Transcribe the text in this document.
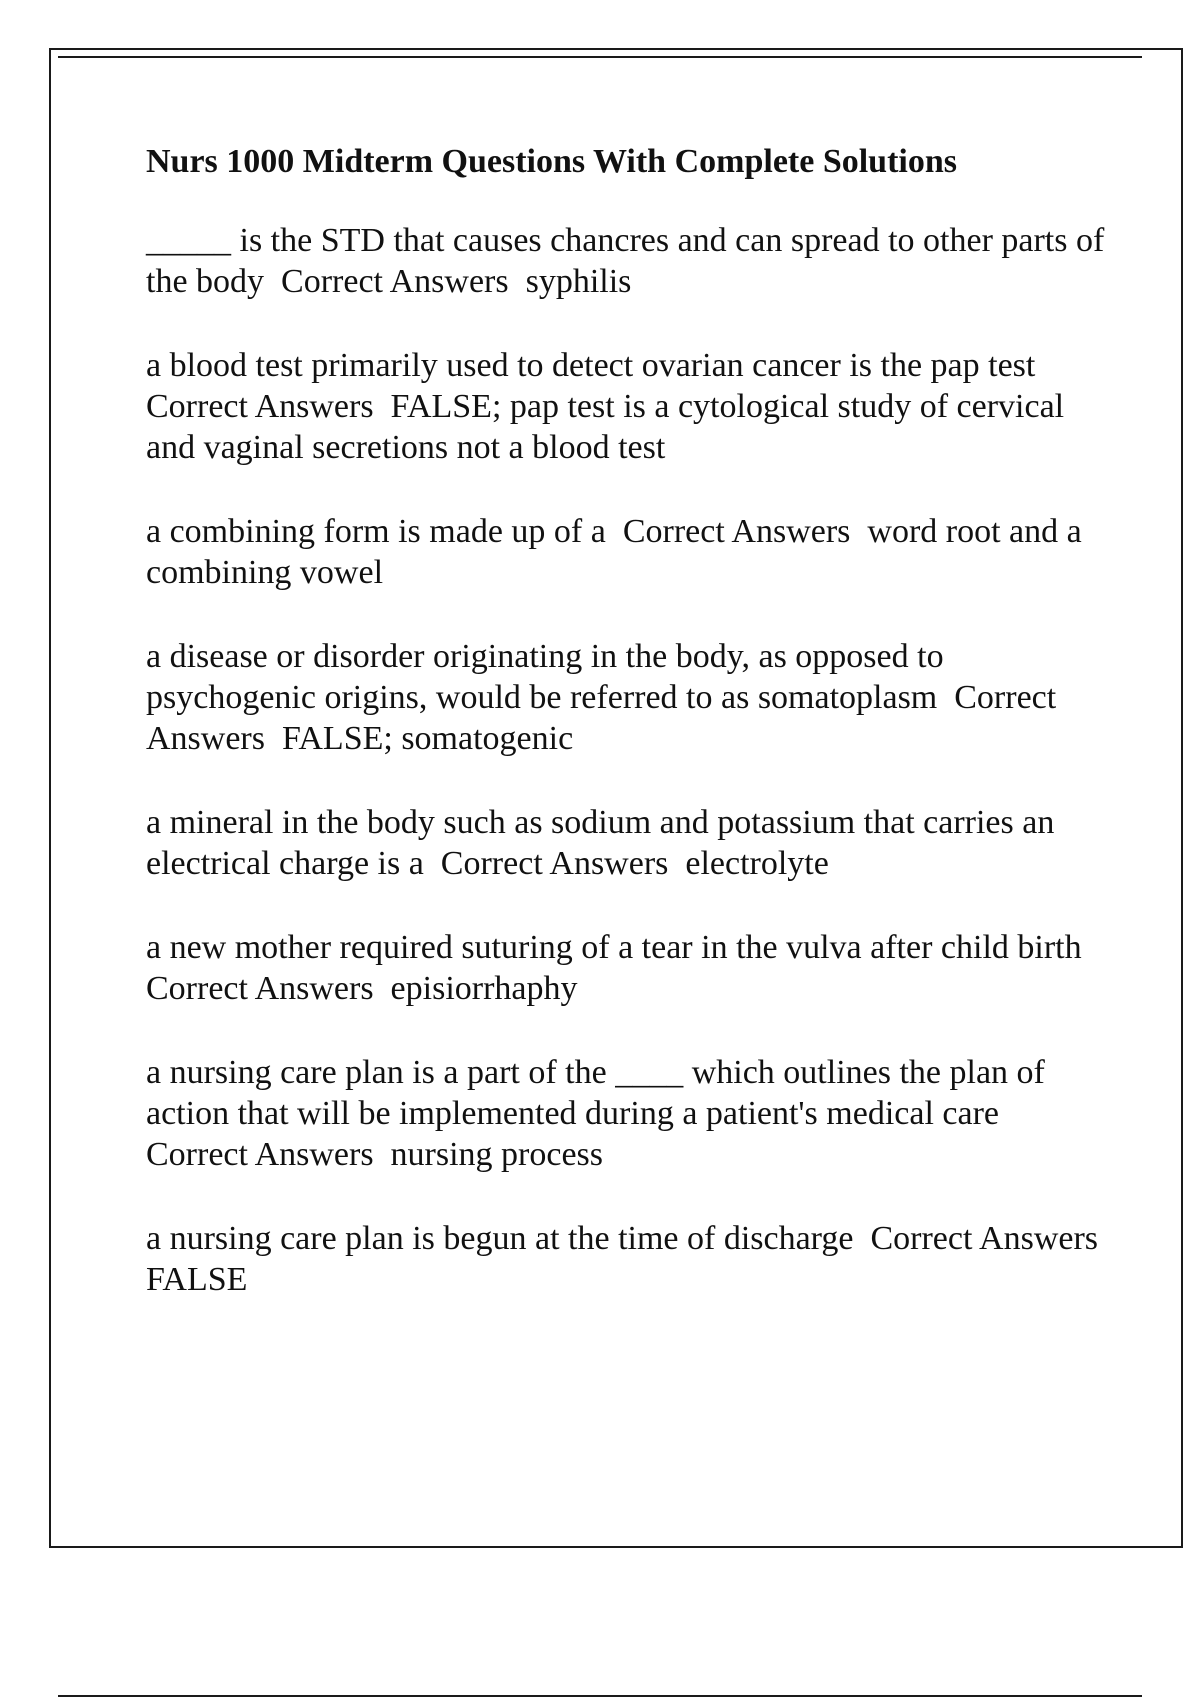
Nurs 1000 Midterm Questions With Complete Solutions
_____ is the STD that causes chancres and can spread to other parts of the body  Correct Answers  syphilis
a blood test primarily used to detect ovarian cancer is the pap test  Correct Answers  FALSE; pap test is a cytological study of cervical and vaginal secretions not a blood test
a combining form is made up of a  Correct Answers  word root and a combining vowel
a disease or disorder originating in the body, as opposed to psychogenic origins, would be referred to as somatoplasm  Correct Answers  FALSE; somatogenic
a mineral in the body such as sodium and potassium that carries an electrical charge is a  Correct Answers  electrolyte
a new mother required suturing of a tear in the vulva after child birth  Correct Answers  episiorrhaphy
a nursing care plan is a part of the ____ which outlines the plan of action that will be implemented during a patient's medical care  Correct Answers  nursing process
a nursing care plan is begun at the time of discharge  Correct Answers  FALSE
